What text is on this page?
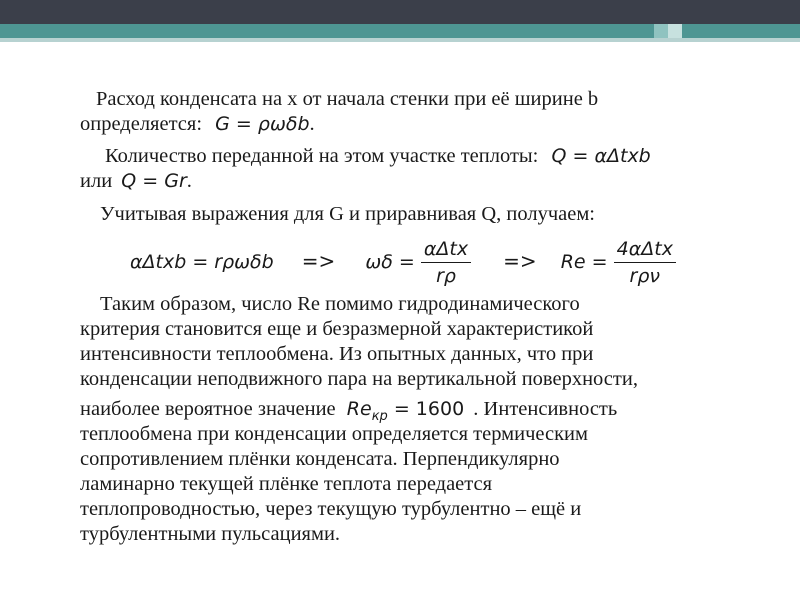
Расход конденсата на x от начала стенки при её ширине b
определяется: G = ρωδb.
Количество переданной на этом участке теплоты: Q = αΔtxb
или Q = Gr.
Учитывая выражения для G и приравнивая Q, получаем:
$\alpha\Delta txb = r\rho\omega\delta b => \omega\delta = \frac{\text{αΔtx}}{r\rho} => Re = \frac{\text{4αΔtx}}{\text{rρν}}$
Таким образом, число Re помимо гидродинамического
критерия становится еще и безразмерной характеристикой
интенсивности теплообмена. Из опытных данных, что при
конденсации неподвижного пара на вертикальной поверхности,
наиболее вероятное значение $Re_{кр} = 1600$ . Интенсивность
теплообмена при конденсации определяется термическим
сопротивлением плёнки конденсата. Перпендикулярно
ламинарно текущей плёнке теплота передается
теплопроводностью, через текущую турбулентно – ещё и
турбулентными пульсациями.
